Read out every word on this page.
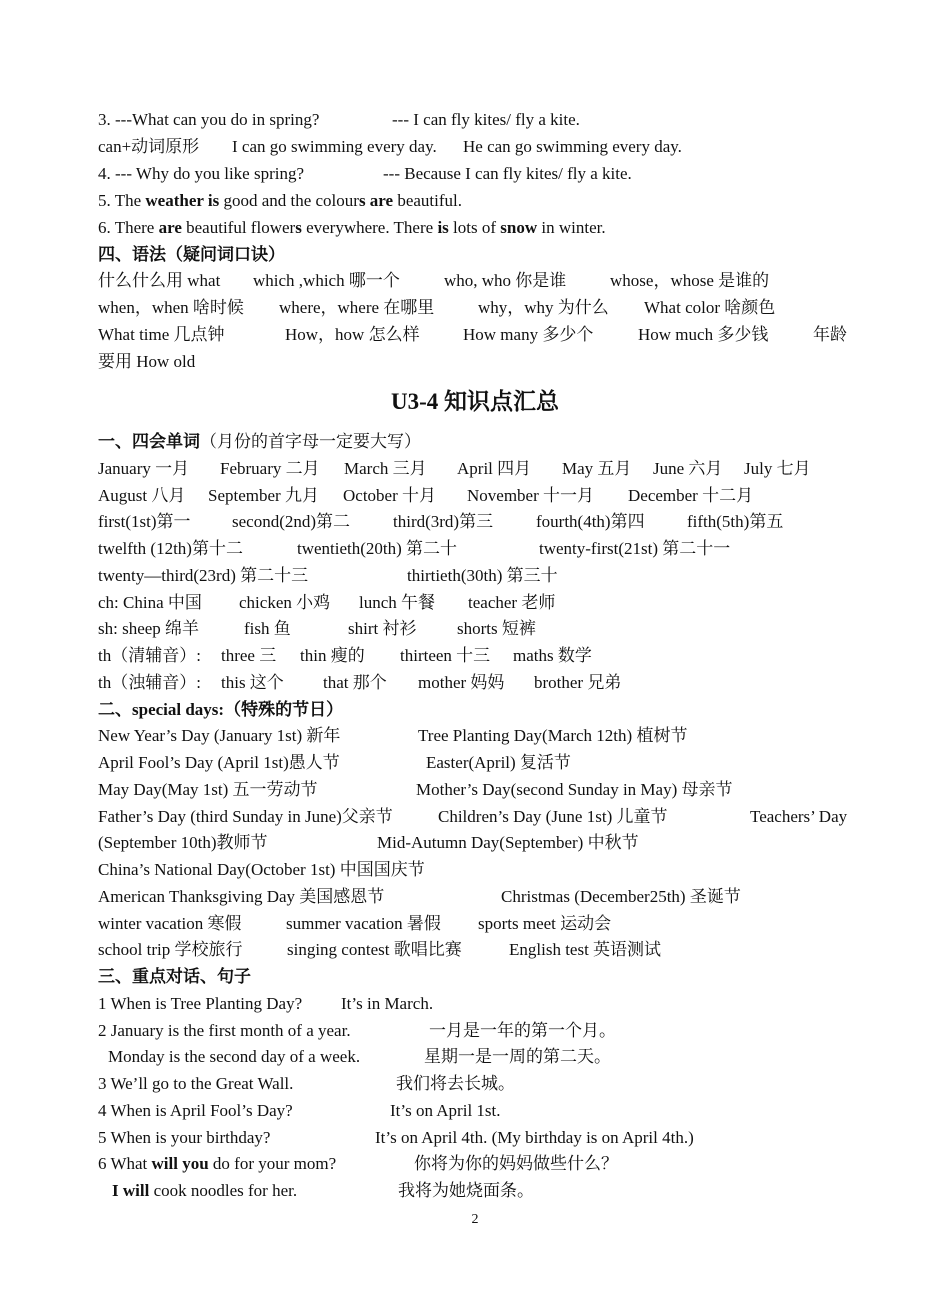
3. ---What can you do in spring?	--- I can fly kites/ fly a kite.
can+动词原形 I can go swimming every day. He can go swimming every day.
4. --- Why do you like spring?	--- Because I can fly kites/ fly a kite.
5. The weather is good and the colours are beautiful.
6. There are beautiful flowers everywhere. There is lots of snow in winter.
四、语法（疑问词口诀）
什么什么用 what which ,which 哪一个	who, who 你是谁	whose，whose 是谁的
when，when 啥时候 where，where 在哪里	why，why 为什么 What color 啥颜色
What time 几点钟	How，how 怎么样	How many 多少个	How much 多少钱	年龄
要用 How old
U3-4 知识点汇总
一、四会单词（月份的首字母一定要大写）
January 一月 February 二月 March 三月 April 四月 May 五月 June 六月 July 七月
August 八月 September 九月 October 十月 November 十一月 December 十二月
first(1st)第一 second(2nd)第二	third(3rd)第三	fourth(4th)第四 fifth(5th)第五
twelfth (12th)第十二	twentieth(20th) 第二十	twenty-first(21st) 第二十一
twenty—third(23rd) 第二十三	thirtieth(30th) 第三十
ch: China 中国 chicken 小鸡 lunch 午餐 teacher 老师
sh: sheep 绵羊	fish 鱼	shirt 衬衫 shorts 短裤
th（清辅音）: three 三 thin 瘦的 thirteen 十三 maths 数学
th（浊辅音）: this 这个 that 那个 mother 妈妈 brother 兄弟
二、special days:（特殊的节日）
New Year’s Day (January 1st) 新年	Tree Planting Day(March 12th) 植树节
April Fool’s Day (April 1st)愚人节	Easter(April) 复活节
May Day(May 1st) 五一劳动节	Mother’s Day(second Sunday in May) 母亲节
Father’s Day (third Sunday in June)父亲节	Children’s Day (June 1st) 儿童节	Teachers’ Day
(September 10th)教师节	Mid-Autumn Day(September) 中秋节
China’s National Day(October 1st) 中国国庆节
American Thanksgiving Day 美国感恩节	Christmas (December25th) 圣诞节
winter vacation 寒假	summer vacation 暑假 sports meet 运动会
school trip 学校旅行	singing contest 歌唱比赛	English test 英语测试
三、重点对话、句子
1 When is Tree Planting Day? It’s in March.
2 January is the first month of a year.	一月是一年的第一个月。
Monday is the second day of a week.	星期一是一周的第二天。
3 We’ll go to the Great Wall.	我们将去长城。
4 When is April Fool’s Day?	It’s on April 1st.
5 When is your birthday?	It’s on April 4th. (My birthday is on April 4th.)
6 What will you do for your mom?	你将为你的妈妈做些什么？
I will cook noodles for her.	我将为她烧面条。
2
